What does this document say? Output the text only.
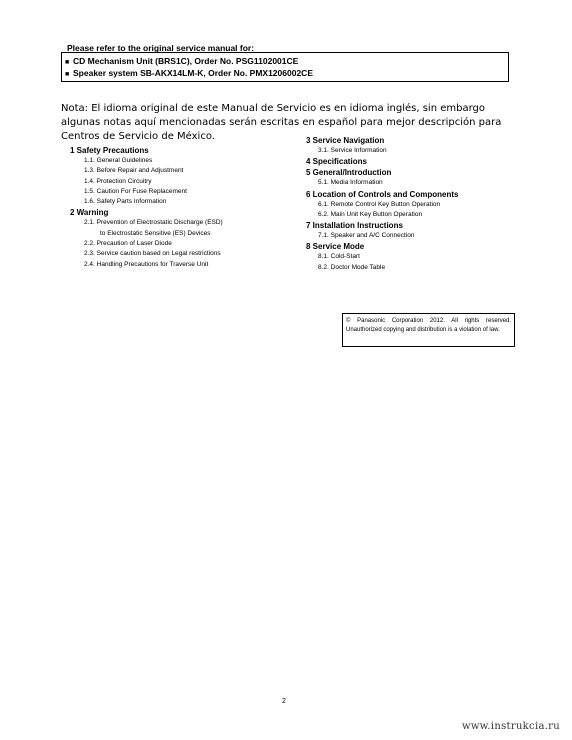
Please refer to the original service manual for:
■ CD Mechanism Unit (BRS1C), Order No. PSG1102001CE
■ Speaker system SB-AKX14LM-K, Order No. PMX1206002CE
Nota: El idioma original de este Manual de Servicio es en idioma inglés, sin embargo algunas notas aquí mencionadas serán escritas en español para mejor descripción para Centros de Servicio de México.
1 Safety Precautions
1.1. General Guidelines
1.3. Before Repair and Adjustment
1.4. Protection Circuitry
1.5. Caution For Fuse Replacement
1.6. Safety Parts Information
2 Warning
2.1. Prevention of Electrostatic Discharge (ESD)
to Electrostatic Sensitive (ES) Devices
2.2. Precaution of Laser Diode
2.3. Service caution based on Legal restrictions
2.4. Handling Precautions for Traverse Unit
3 Service Navigation
3.1. Service Information
4 Specifications
5 General/Introduction
5.1. Media Information
6 Location of Controls and Components
6.1. Remote Control Key Button Operation
6.2. Main Unit Key Button Operation
7 Installation Instructions
7.1. Speaker and A/C Connection
8 Service Mode
8.1. Cold-Start
8.2. Doctor Mode Table
© Panasonic Corporation 2012. All rights reserved. Unauthorized copying and distribution is a violation of law.
2
www.instrukcia.ru
